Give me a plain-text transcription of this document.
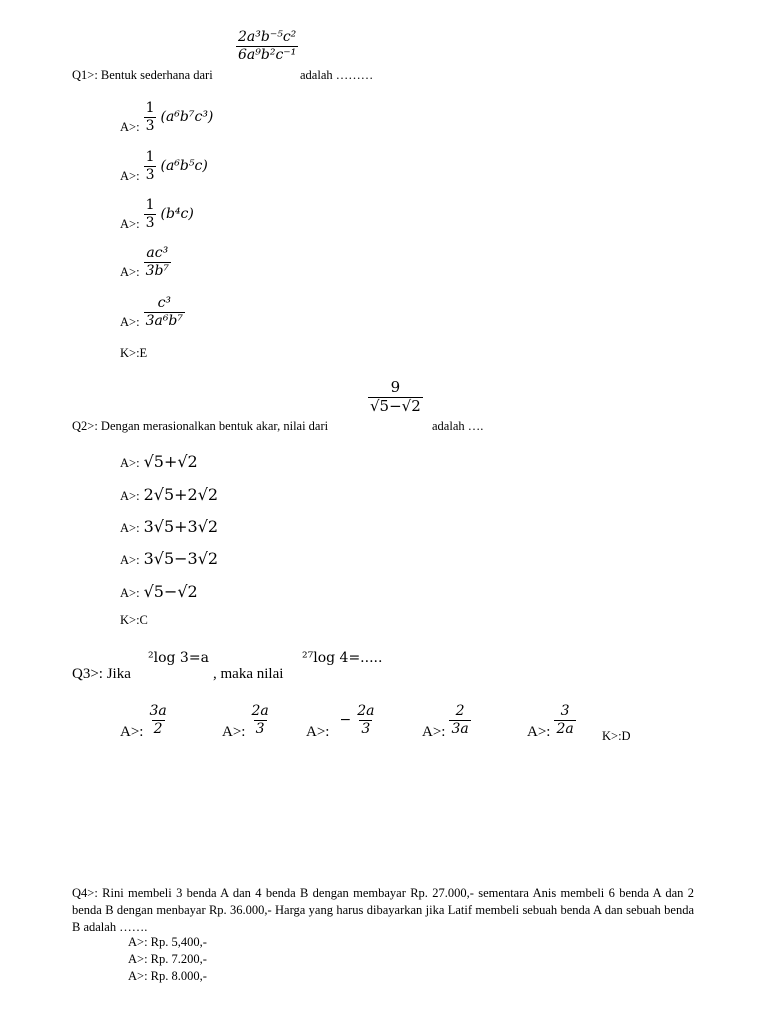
$\frac{\text{2a³b⁻⁵c²}}{\text{6a⁹b²c⁻¹}}$
Q1>: Bentuk sederhana dari	adalah ………
$_{A>:} \frac{1}{3} (a^6b^7c^3)$
$_{A>:} \frac{1}{3} (a^6b^5c)$
$_{A>:} \frac{1}{3} (b^4c)$
$_{A>:} \frac{\text{ac³}}{\text{3b⁷}}$
$_{A>:} \frac{\text{c³}}{\text{3a⁶b⁷}}$
K>:E
$\frac{9}{√5-√2}$
Q2>: Dengan merasionalkan bentuk akar, nilai dari	adalah ….
A>: √5+√2
A>: 2√5+2√2
A>: 3√5+3√2
A>: 3√5−3√2
A>: √5−√2
K>:C
Q3>: Jika
²log 3=a
, maka nilai
²⁷log 4=.....
A>: $\frac{3a}{2}$	A>: $\frac{2a}{3} A>$: − $\frac{2a}{3}$	A>: $\frac{2}{3a}$	A>: $\frac{3}{2a}$ K>:D
Q4>: Rini membeli 3 benda A dan 4 benda B dengan membayar Rp. 27.000,- sementara Anis membeli 6 benda A dan 2 benda B dengan menbayar Rp. 36.000,- Harga yang harus dibayarkan jika Latif membeli sebuah benda A dan sebuah benda B adalah …….
A>: Rp. 5,400,-
A>: Rp. 7.200,-
A>: Rp. 8.000,-
